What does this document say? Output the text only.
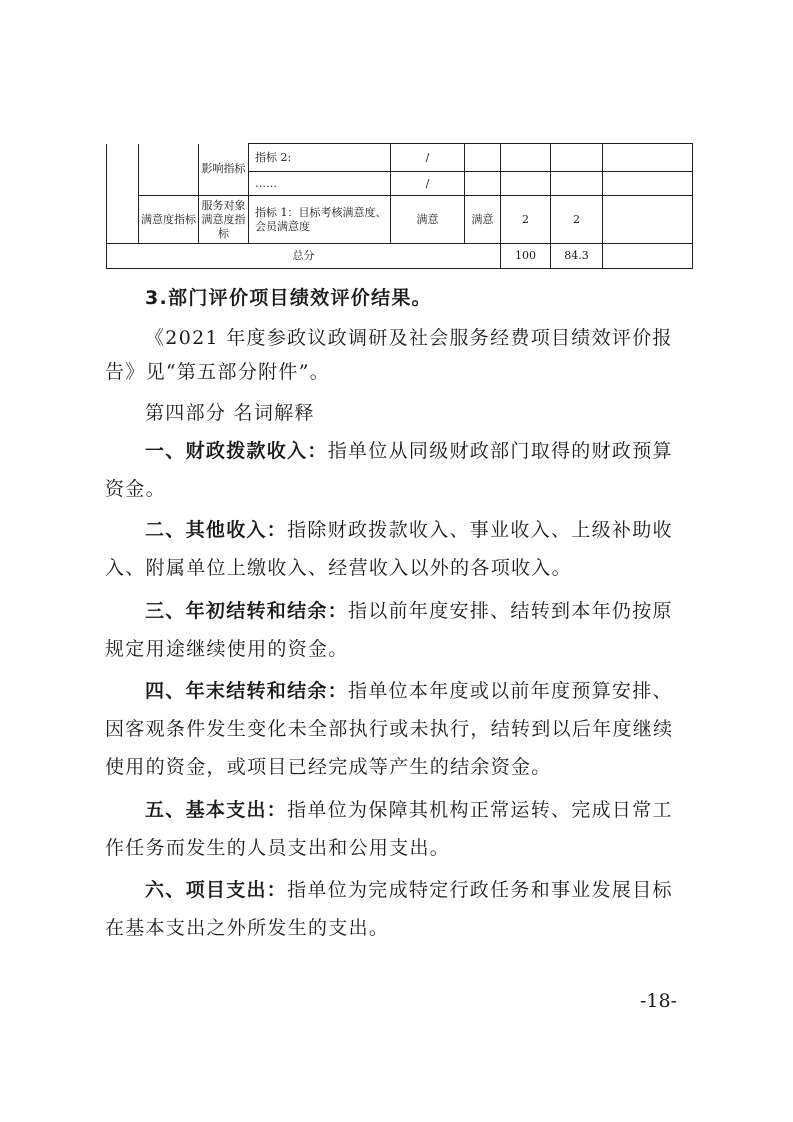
		影响指标	指标 2:	/				
			……	/				
	满意度指标	服务对象满意度指标	指标 1：目标考核满意度、会员满意度	满意	满意	2	2	
总分						100	84.3	
3.部门评价项目绩效评价结果。
《2021 年度参政议政调研及社会服务经费项目绩效评价报
告》见“第五部分附件”。
第四部分 名词解释
一、财政拨款收入：指单位从同级财政部门取得的财政预算
资金。
二、其他收入：指除财政拨款收入、事业收入、上级补助收
入、附属单位上缴收入、经营收入以外的各项收入。
三、年初结转和结余：指以前年度安排、结转到本年仍按原
规定用途继续使用的资金。
四、年末结转和结余：指单位本年度或以前年度预算安排、
因客观条件发生变化未全部执行或未执行，结转到以后年度继续
使用的资金，或项目已经完成等产生的结余资金。
五、基本支出：指单位为保障其机构正常运转、完成日常工
作任务而发生的人员支出和公用支出。
六、项目支出：指单位为完成特定行政任务和事业发展目标
在基本支出之外所发生的支出。
-18-
